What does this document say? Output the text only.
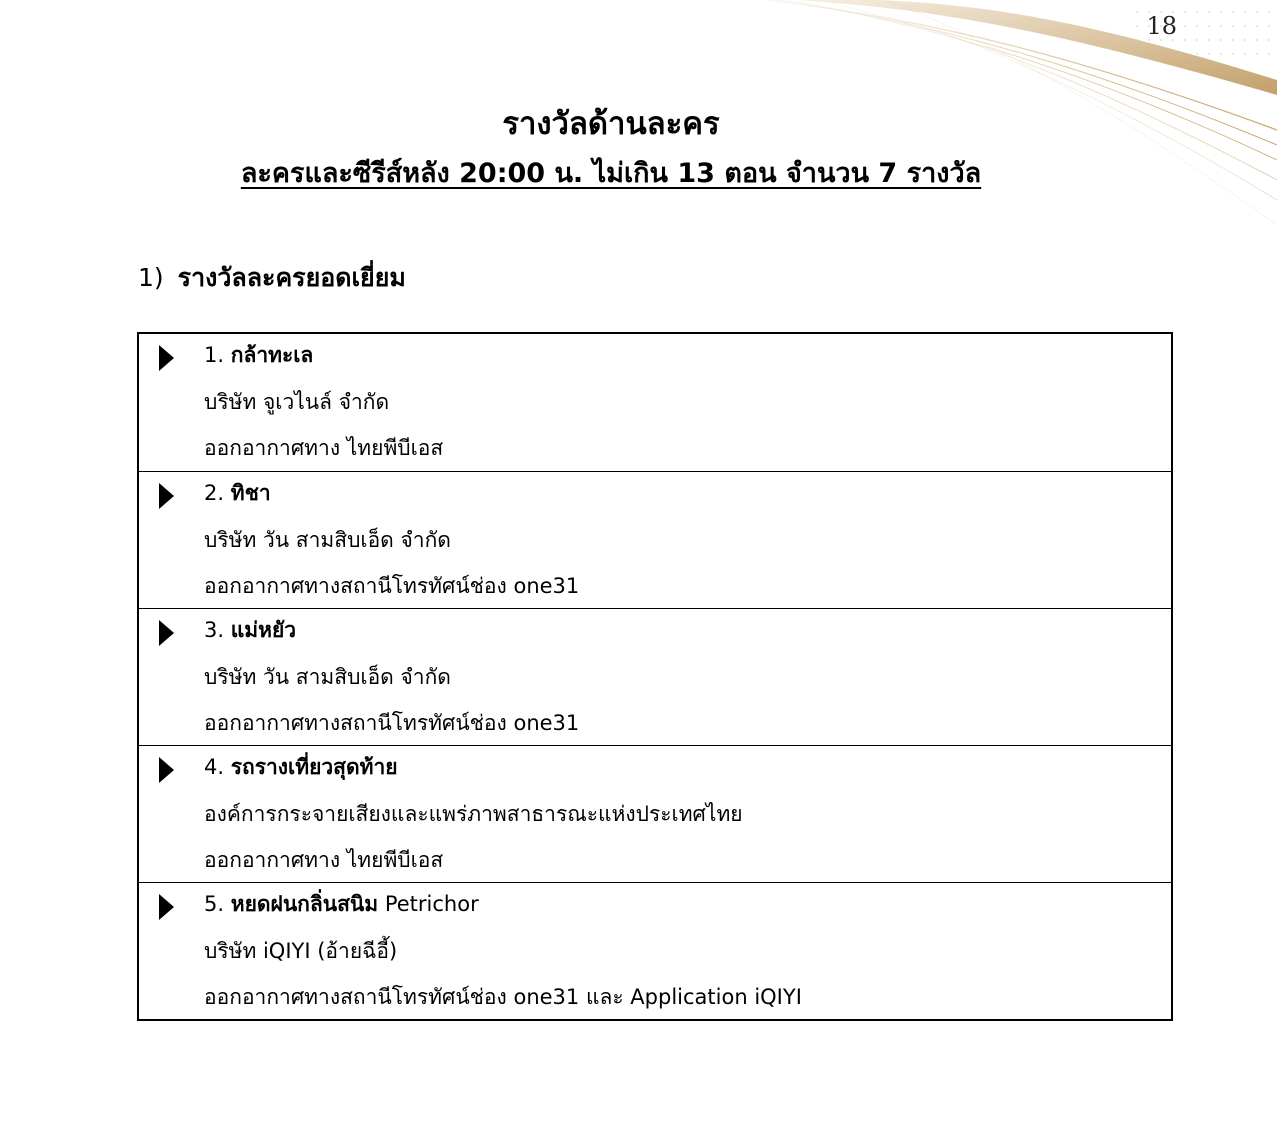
18
รางวัลด้านละคร
ละครและซีรีส์หลัง 20:00 น. ไม่เกิน 13 ตอน จำนวน 7 รางวัล
1) รางวัลละครยอดเยี่ยม
1. กล้าทะเล
บริษัท จูเวไนล์ จำกัด
ออกอากาศทาง ไทยพีบีเอส
2. ทิชา
บริษัท วัน สามสิบเอ็ด จำกัด
ออกอากาศทางสถานีโทรทัศน์ช่อง one31
3. แม่หยัว
บริษัท วัน สามสิบเอ็ด จำกัด
ออกอากาศทางสถานีโทรทัศน์ช่อง one31
4. รถรางเที่ยวสุดท้าย
องค์การกระจายเสียงและแพร่ภาพสาธารณะแห่งประเทศไทย
ออกอากาศทาง ไทยพีบีเอส
5. หยดฝนกลิ่นสนิม Petrichor
บริษัท iQIYI (อ้ายฉีอี้)
ออกอากาศทางสถานีโทรทัศน์ช่อง one31 และ Application iQIYI
